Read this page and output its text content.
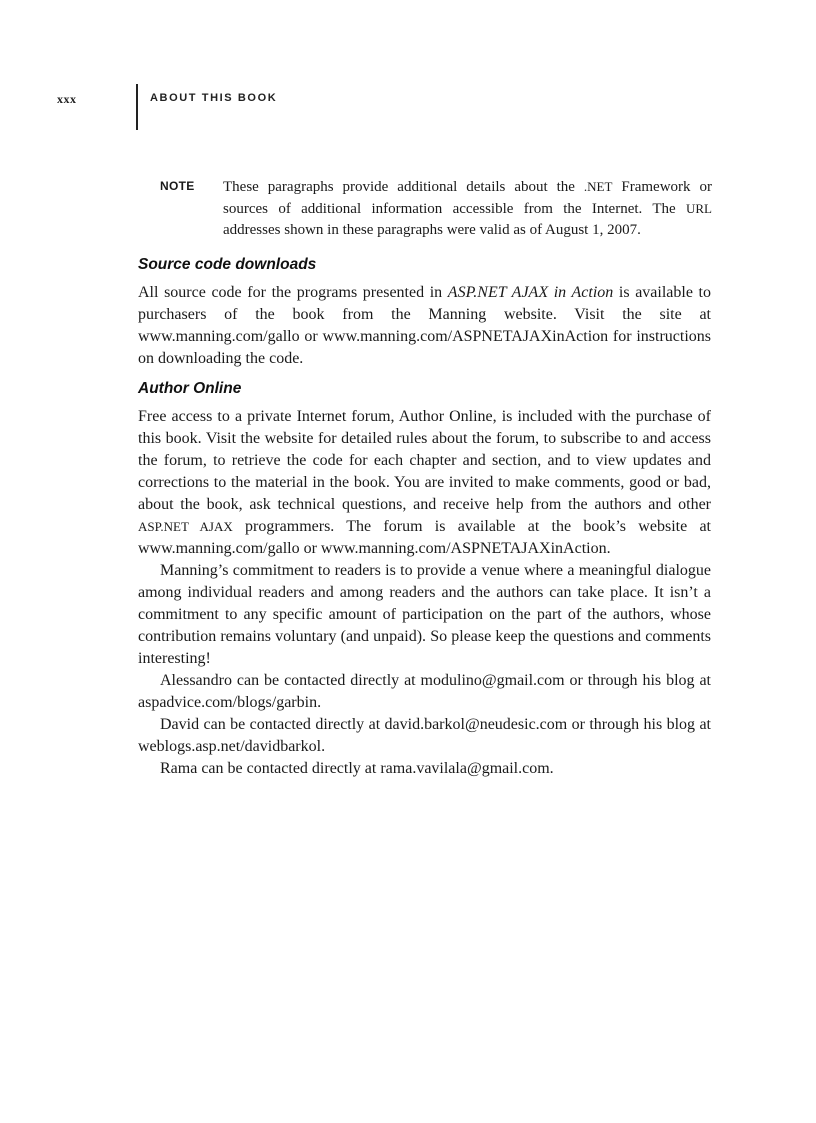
xxx	ABOUT THIS BOOK
NOTE These paragraphs provide additional details about the .NET Framework or sources of additional information accessible from the Internet. The URL addresses shown in these paragraphs were valid as of August 1, 2007.
Source code downloads

All source code for the programs presented in ASP.NET AJAX in Action is available to purchasers of the book from the Manning website. Visit the site at www.manning.com/gallo or www.manning.com/ASPNETAJAXinAction for instructions on downloading the code.

Author Online

Free access to a private Internet forum, Author Online, is included with the purchase of this book. Visit the website for detailed rules about the forum, to subscribe to and access the forum, to retrieve the code for each chapter and section, and to view updates and corrections to the material in the book. You are invited to make comments, good or bad, about the book, ask technical questions, and receive help from the authors and other ASP.NET AJAX programmers. The forum is available at the book’s website at www.manning.com/gallo or www.manning.com/ASPNETAJAXinAction.

Manning’s commitment to readers is to provide a venue where a meaningful dialogue among individual readers and among readers and the authors can take place. It isn’t a commitment to any specific amount of participation on the part of the authors, whose contribution remains voluntary (and unpaid). So please keep the questions and comments interesting!

Alessandro can be contacted directly at modulino@gmail.com or through his blog at aspadvice.com/blogs/garbin.

David can be contacted directly at david.barkol@neudesic.com or through his blog at weblogs.asp.net/davidbarkol.

Rama can be contacted directly at rama.vavilala@gmail.com.
